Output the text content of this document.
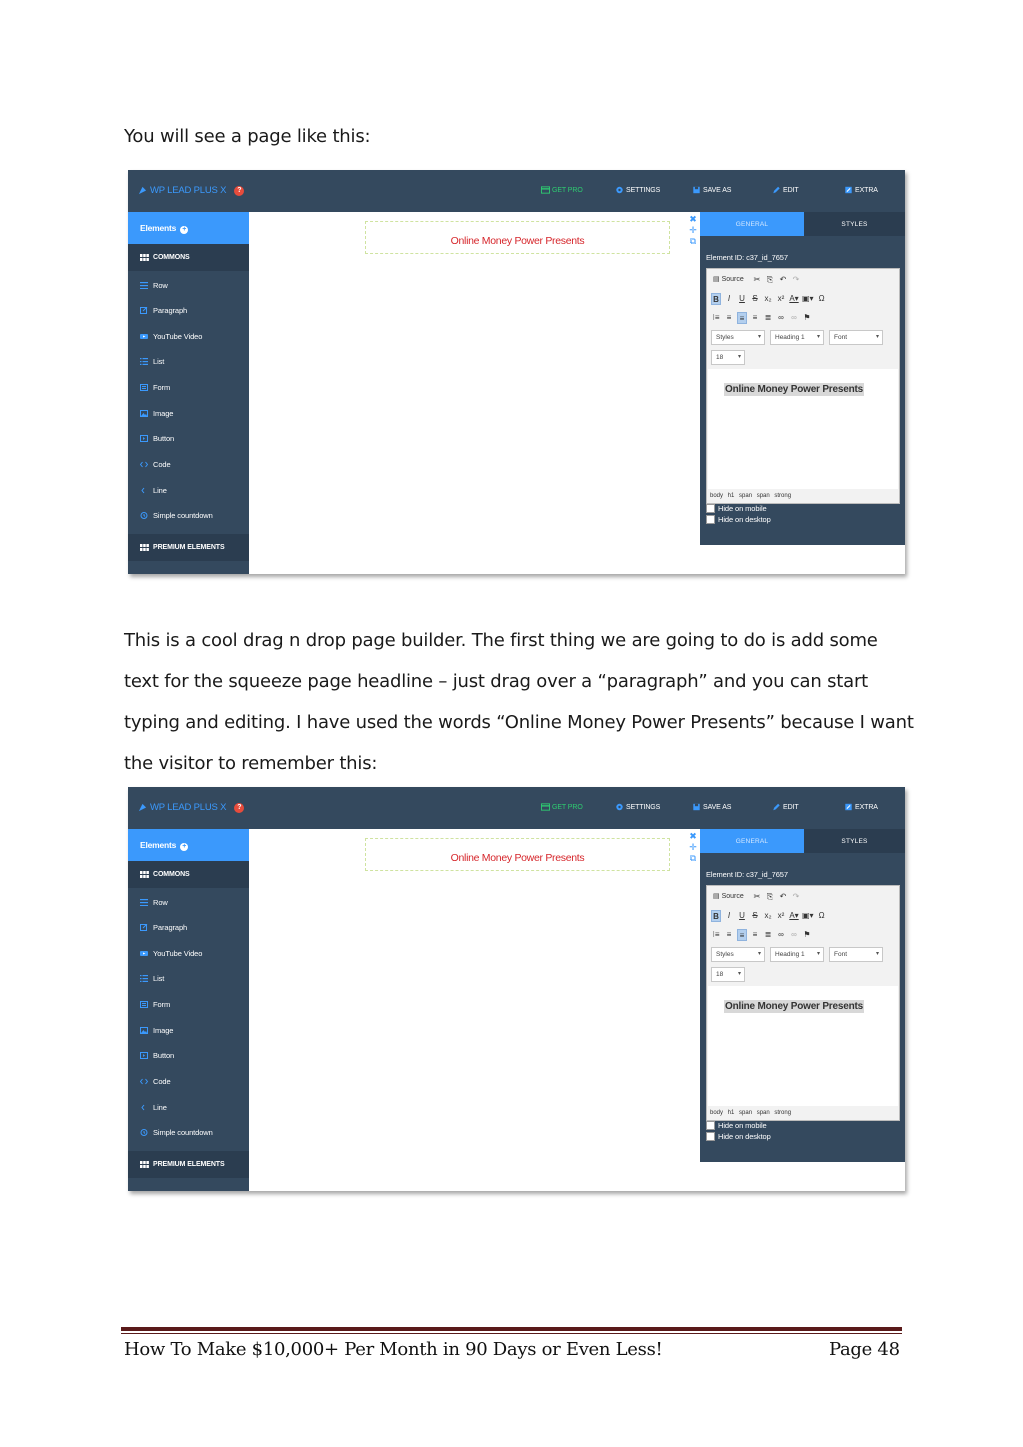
You will see a page like this:
WP LEAD PLUS X	?	GET PRO	SETTINGS	SAVE AS	EDIT	EXTRA
Elements +
COMMONS
Row
Paragraph
YouTube Video
List
Form
Image
Button
Code
Line
Simple countdown
PREMIUM ELEMENTS
Online Money Power Presents
✖
✛
⧉
GENERAL	STYLES
Element ID: c37_id_7657
▤ Source	✂ ⎘ ↶ ↷
B	I	U S x₂ x² A▾ ▣▾ Ω
⁝≡ ≡	≡	≡ ≣ ∞ ∞ ⚑
Styles ▾	Heading 1 ▾	Font ▾
18 ▾
Online Money Power Presents
body h1 span span strong
Hide on mobile
Hide on desktop
This is a cool drag n drop page builder. The first thing we are going to do is add some text for the squeeze page headline – just drag over a “paragraph” and you can start typing and editing. I have used the words “Online Money Power Presents” because I want the visitor to remember this:
WP LEAD PLUS X	?	GET PRO	SETTINGS	SAVE AS	EDIT	EXTRA
Elements +
COMMONS
Row
Paragraph
YouTube Video
List
Form
Image
Button
Code
Line
Simple countdown
PREMIUM ELEMENTS
Online Money Power Presents
✖
✛
⧉
GENERAL	STYLES
Element ID: c37_id_7657
▤ Source	✂ ⎘ ↶ ↷
B	I	U S x₂ x² A▾ ▣▾ Ω
⁝≡ ≡	≡	≡ ≣ ∞ ∞ ⚑
Styles ▾	Heading 1 ▾	Font ▾
18 ▾
Online Money Power Presents
body h1 span span strong
Hide on mobile
Hide on desktop
How To Make $10,000+ Per Month in 90 Days or Even Less!	Page 48
